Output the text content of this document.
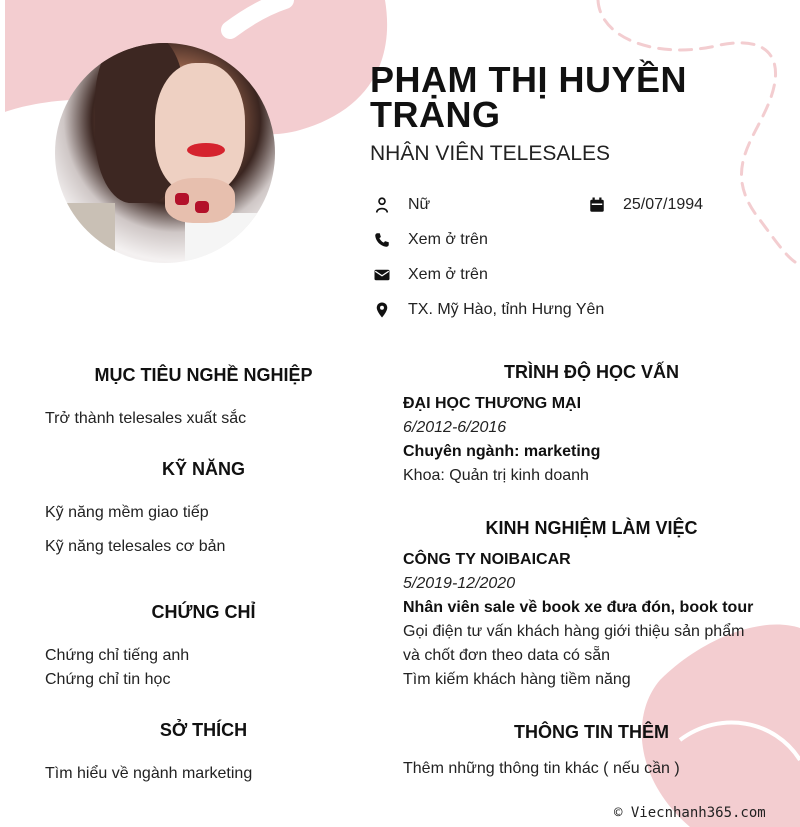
PHẠM THỊ HUYỀN TRANG
NHÂN VIÊN TELESALES
Nữ	25/07/1994
Xem ở trên
Xem ở trên
TX. Mỹ Hào, tỉnh Hưng Yên
MỤC TIÊU NGHỀ NGHIỆP
Trở thành telesales xuất sắc
KỸ NĂNG
Kỹ năng mềm giao tiếp
Kỹ năng telesales cơ bản
CHỨNG CHỈ
Chứng chỉ tiếng anh
Chứng chỉ tin học
SỞ THÍCH
Tìm hiểu về ngành marketing
TRÌNH ĐỘ HỌC VẤN
ĐẠI HỌC THƯƠNG MẠI
6/2012-6/2016
Chuyên ngành: marketing
Khoa: Quản trị kinh doanh
KINH NGHIỆM LÀM VIỆC
CÔNG TY NOIBAICAR
5/2019-12/2020
Nhân viên sale về book xe đưa đón, book tour
Gọi điện tư vấn khách hàng giới thiệu sản phẩm
và chốt đơn theo data có sẵn
Tìm kiếm khách hàng tiềm năng
THÔNG TIN THÊM
Thêm những thông tin khác ( nếu cần )
© Viecnhanh365.com
